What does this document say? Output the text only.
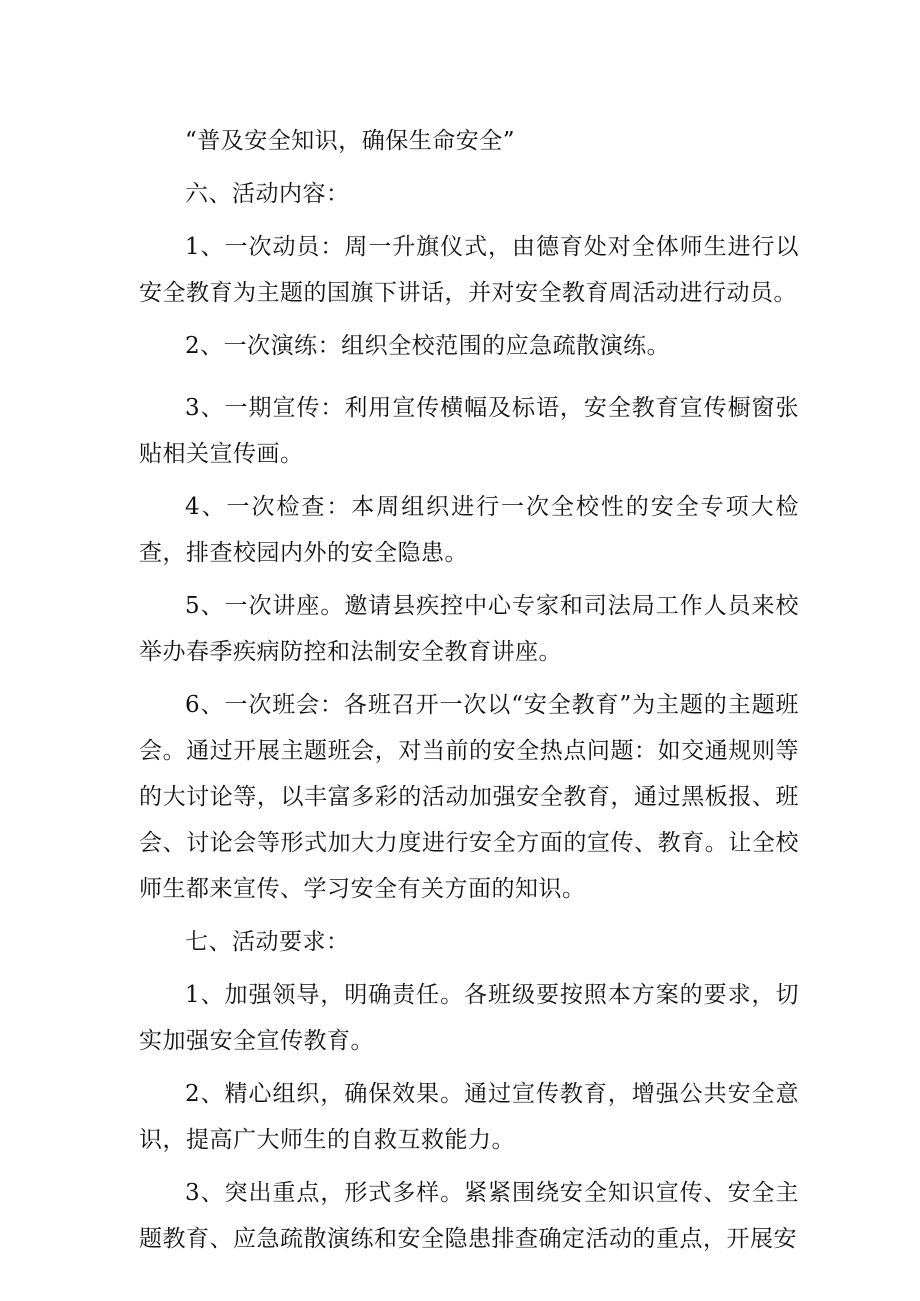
“普及安全知识，确保生命安全”

六、活动内容：

1、一次动员：周一升旗仪式，由德育处对全体师生进行以安全教育为主题的国旗下讲话，并对安全教育周活动进行动员。

2、一次演练：组织全校范围的应急疏散演练。

3、一期宣传：利用宣传横幅及标语，安全教育宣传橱窗张贴相关宣传画。

4、一次检查：本周组织进行一次全校性的安全专项大检查，排查校园内外的安全隐患。

5、一次讲座。邀请县疾控中心专家和司法局工作人员来校举办春季疾病防控和法制安全教育讲座。

6、一次班会：各班召开一次以“安全教育”为主题的主题班会。通过开展主题班会，对当前的安全热点问题：如交通规则等的大讨论等，以丰富多彩的活动加强安全教育，通过黑板报、班会、讨论会等形式加大力度进行安全方面的宣传、教育。让全校师生都来宣传、学习安全有关方面的知识。

七、活动要求：

1、加强领导，明确责任。各班级要按照本方案的要求，切实加强安全宣传教育。

2、精心组织，确保效果。通过宣传教育，增强公共安全意识，提高广大师生的自救互救能力。

3、突出重点，形式多样。紧紧围绕安全知识宣传、安全主题教育、应急疏散演练和安全隐患排查确定活动的重点，开展安
